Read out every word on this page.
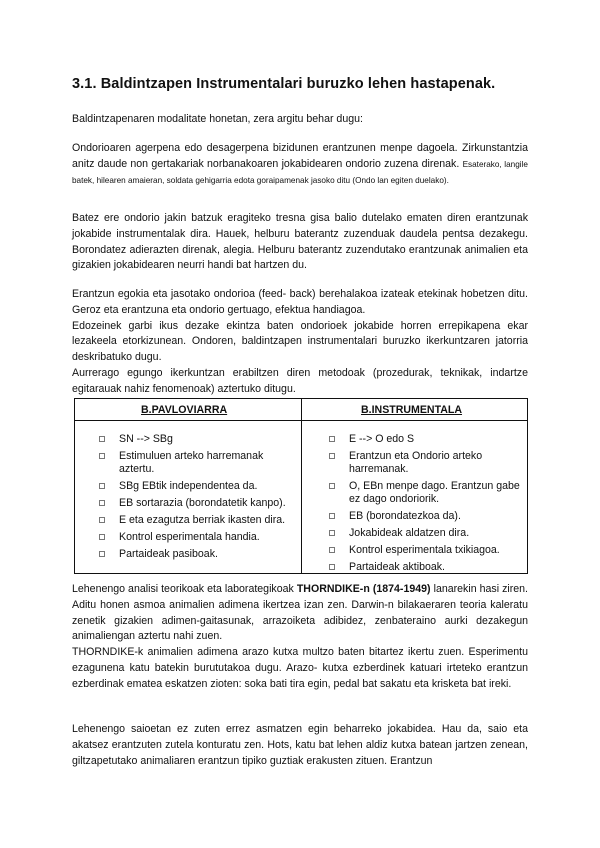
3.1. Baldintzapen Instrumentalari buruzko lehen hastapenak.

Baldintzapenaren modalitate honetan, zera argitu behar dugu:

Ondorioaren agerpena edo desagerpena bizidunen erantzunen menpe dagoela. Zirkunstantzia anitz daude non gertakariak norbanakoaren jokabidearen ondorio zuzena direnak. Esaterako, langile batek, hilearen amaieran, soldata gehigarria edota goraipamenak jasoko ditu (Ondo lan egiten duelako).

Batez ere ondorio jakin batzuk eragiteko tresna gisa balio dutelako ematen diren erantzunak jokabide instrumentalak dira. Hauek, helburu baterantz zuzenduak daudela pentsa dezakegu. Borondatez adierazten direnak, alegia. Helburu baterantz zuzendutako erantzunak animalien eta gizakien jokabidearen neurri handi bat hartzen du.

Erantzun egokia eta jasotako ondorioa (feed- back) berehalakoa izateak etekinak hobetzen ditu. Geroz eta erantzuna eta ondorio gertuago, efektua handiagoa.
Edozeinek garbi ikus dezake ekintza baten ondorioek jokabide horren errepikapena ekar lezakeela etorkizunean. Ondoren, baldintzapen instrumentalari buruzko ikerkuntzaren jatorria deskribatuko dugu.
Aurrerago egungo ikerkuntzan erabiltzen diren metodoak (prozedurak, teknikak, indartze egitarauak nahiz fenomenoak) aztertuko ditugu.

B.PAVLOVIARRA	B.INSTRUMENTALA
SN --> SBg
Estimuluen arteko harremanak aztertu.
SBg EBtik independentea da.
EB sortarazia (borondatetik kanpo).
E eta ezagutza berriak ikasten dira.
Kontrol esperimentala handia.
Partaideak pasiboak.
E --> O edo S
Erantzun eta Ondorio arteko harremanak.
O, EBn menpe dago. Erantzun gabe ez dago ondoriorik.
EB (borondatezkoa da).
Jokabideak aldatzen dira.
Kontrol esperimentala txikiagoa.
Partaideak aktiboak.

Lehenengo analisi teorikoak eta laborategikoak THORNDIKE-n (1874-1949) lanarekin hasi ziren. Aditu honen asmoa animalien adimena ikertzea izan zen. Darwin-n bilakaeraren teoria kaleratu zenetik gizakien adimen-gaitasunak, arrazoiketa adibidez, zenbateraino aurki dezakegun animaliengan aztertu nahi zuen.
THORNDIKE-k animalien adimena arazo kutxa multzo baten bitartez ikertu zuen. Esperimentu ezagunena katu batekin burututakoa dugu. Arazo- kutxa ezberdinek katuari irteteko erantzun ezberdinak ematea eskatzen zioten: soka bati tira egin, pedal bat sakatu eta krisketa bat ireki.

Lehenengo saioetan ez zuten errez asmatzen egin beharreko jokabidea. Hau da, saio eta akatsez erantzuten zutela konturatu zen. Hots, katu bat lehen aldiz kutxa batean jartzen zenean, giltzapetutako animaliaren erantzun tipiko guztiak erakusten zituen. Erantzun
